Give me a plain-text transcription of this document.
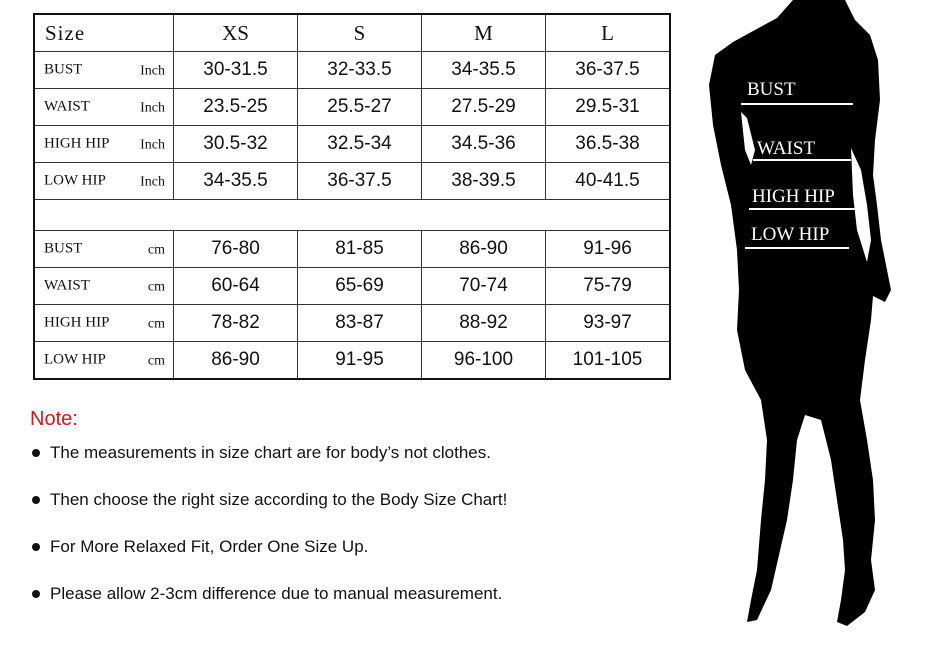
Size	XS	S	M	L

BUST Inch	30-31.5	32-33.5	34-35.5	36-37.5

WAIST Inch	23.5-25	25.5-27	27.5-29	29.5-31

HIGH HIP Inch	30.5-32	32.5-34	34.5-36	36.5-38

LOW HIP Inch	34-35.5	36-37.5	38-39.5	40-41.5

BUST cm	76-80	81-85	86-90	91-96

WAIST cm	60-64	65-69	70-74	75-79

HIGH HIP cm	78-82	83-87	88-92	93-97

LOW HIP cm	86-90	91-95	96-100	101-105
Note:
The measurements in size chart are for body’s not clothes.
Then choose the right size according to the Body Size Chart!
For More Relaxed Fit, Order One Size Up.
Please allow 2-3cm difference due to manual measurement.
BUST
WAIST
HIGH HIP
LOW HIP
